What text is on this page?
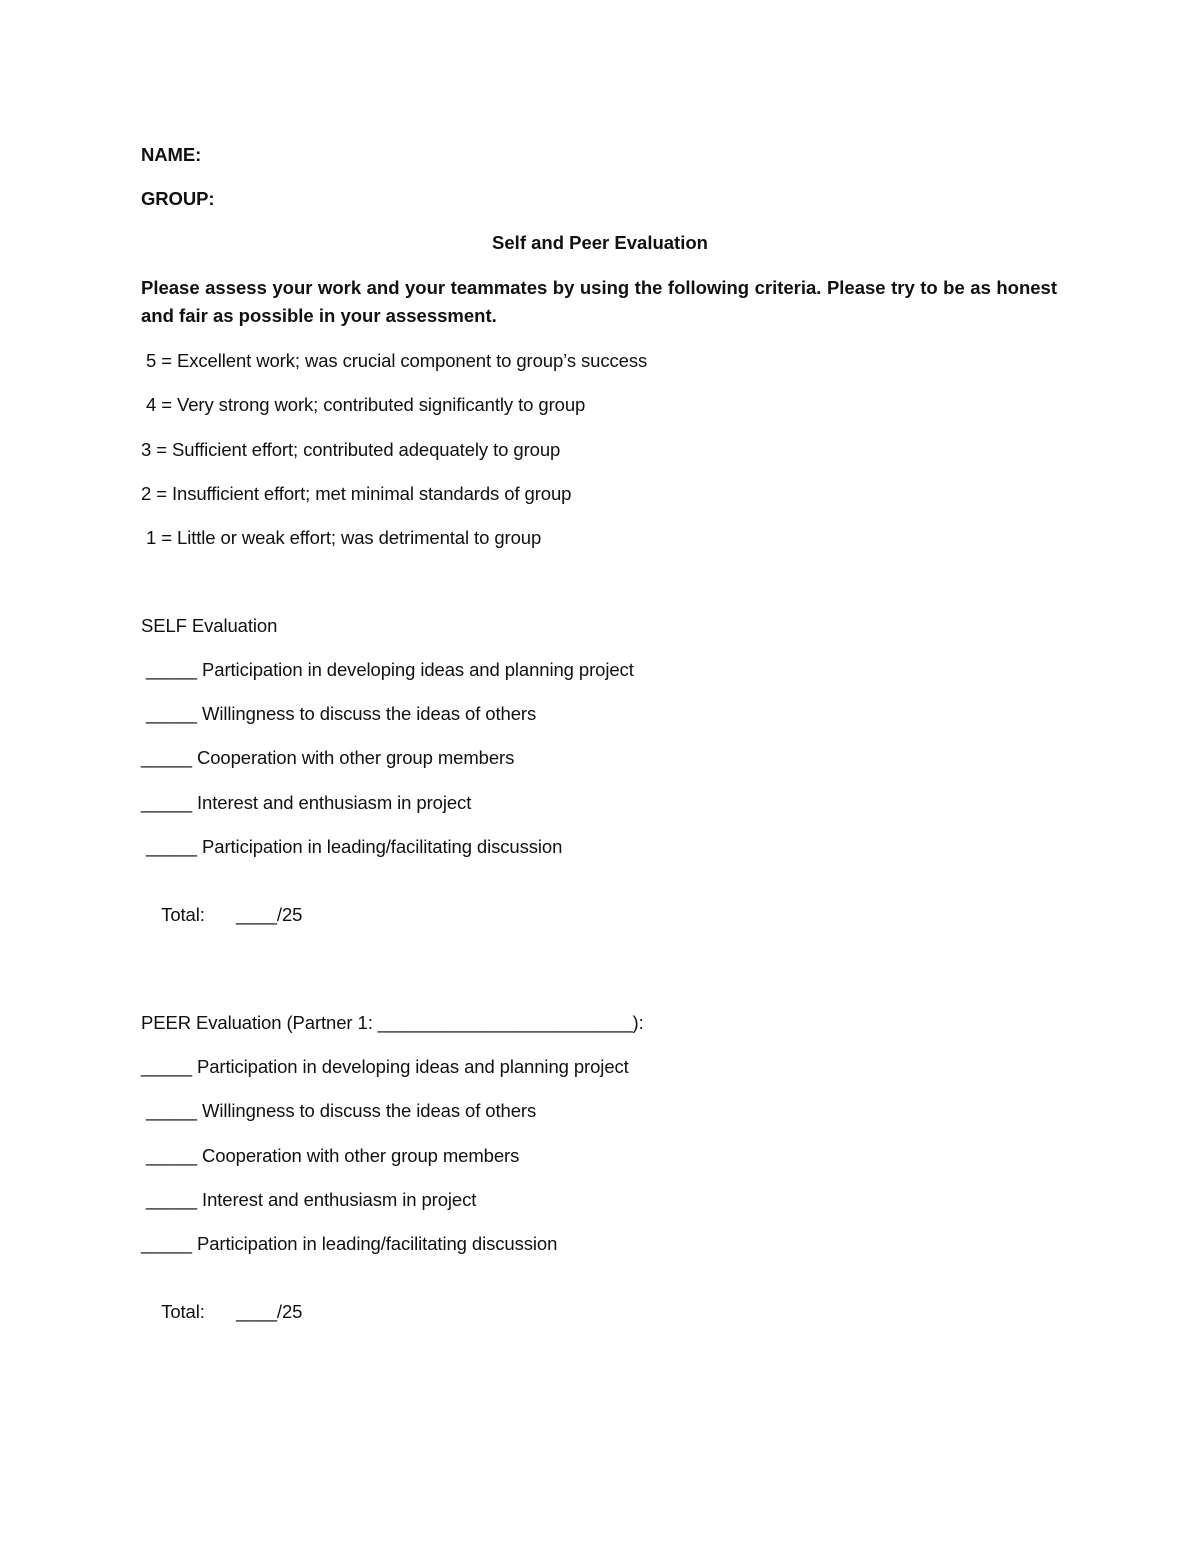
NAME:
GROUP:
Self and Peer Evaluation
Please assess your work and your teammates by using the following criteria. Please try to be as honest and fair as possible in your assessment.
5 = Excellent work; was crucial component to group’s success
4 = Very strong work; contributed significantly to group
3 = Sufficient effort; contributed adequately to group
2 = Insufficient effort; met minimal standards of group
1 = Little or weak effort; was detrimental to group
SELF Evaluation
_____ Participation in developing ideas and planning project
_____ Willingness to discuss the ideas of others
_____ Cooperation with other group members
_____ Interest and enthusiasm in project
_____ Participation in leading/facilitating discussion

Total: ____/25

PEER Evaluation (Partner 1: _________________________):
_____ Participation in developing ideas and planning project
_____ Willingness to discuss the ideas of others
_____ Cooperation with other group members
_____ Interest and enthusiasm in project
_____ Participation in leading/facilitating discussion

Total: ____/25
